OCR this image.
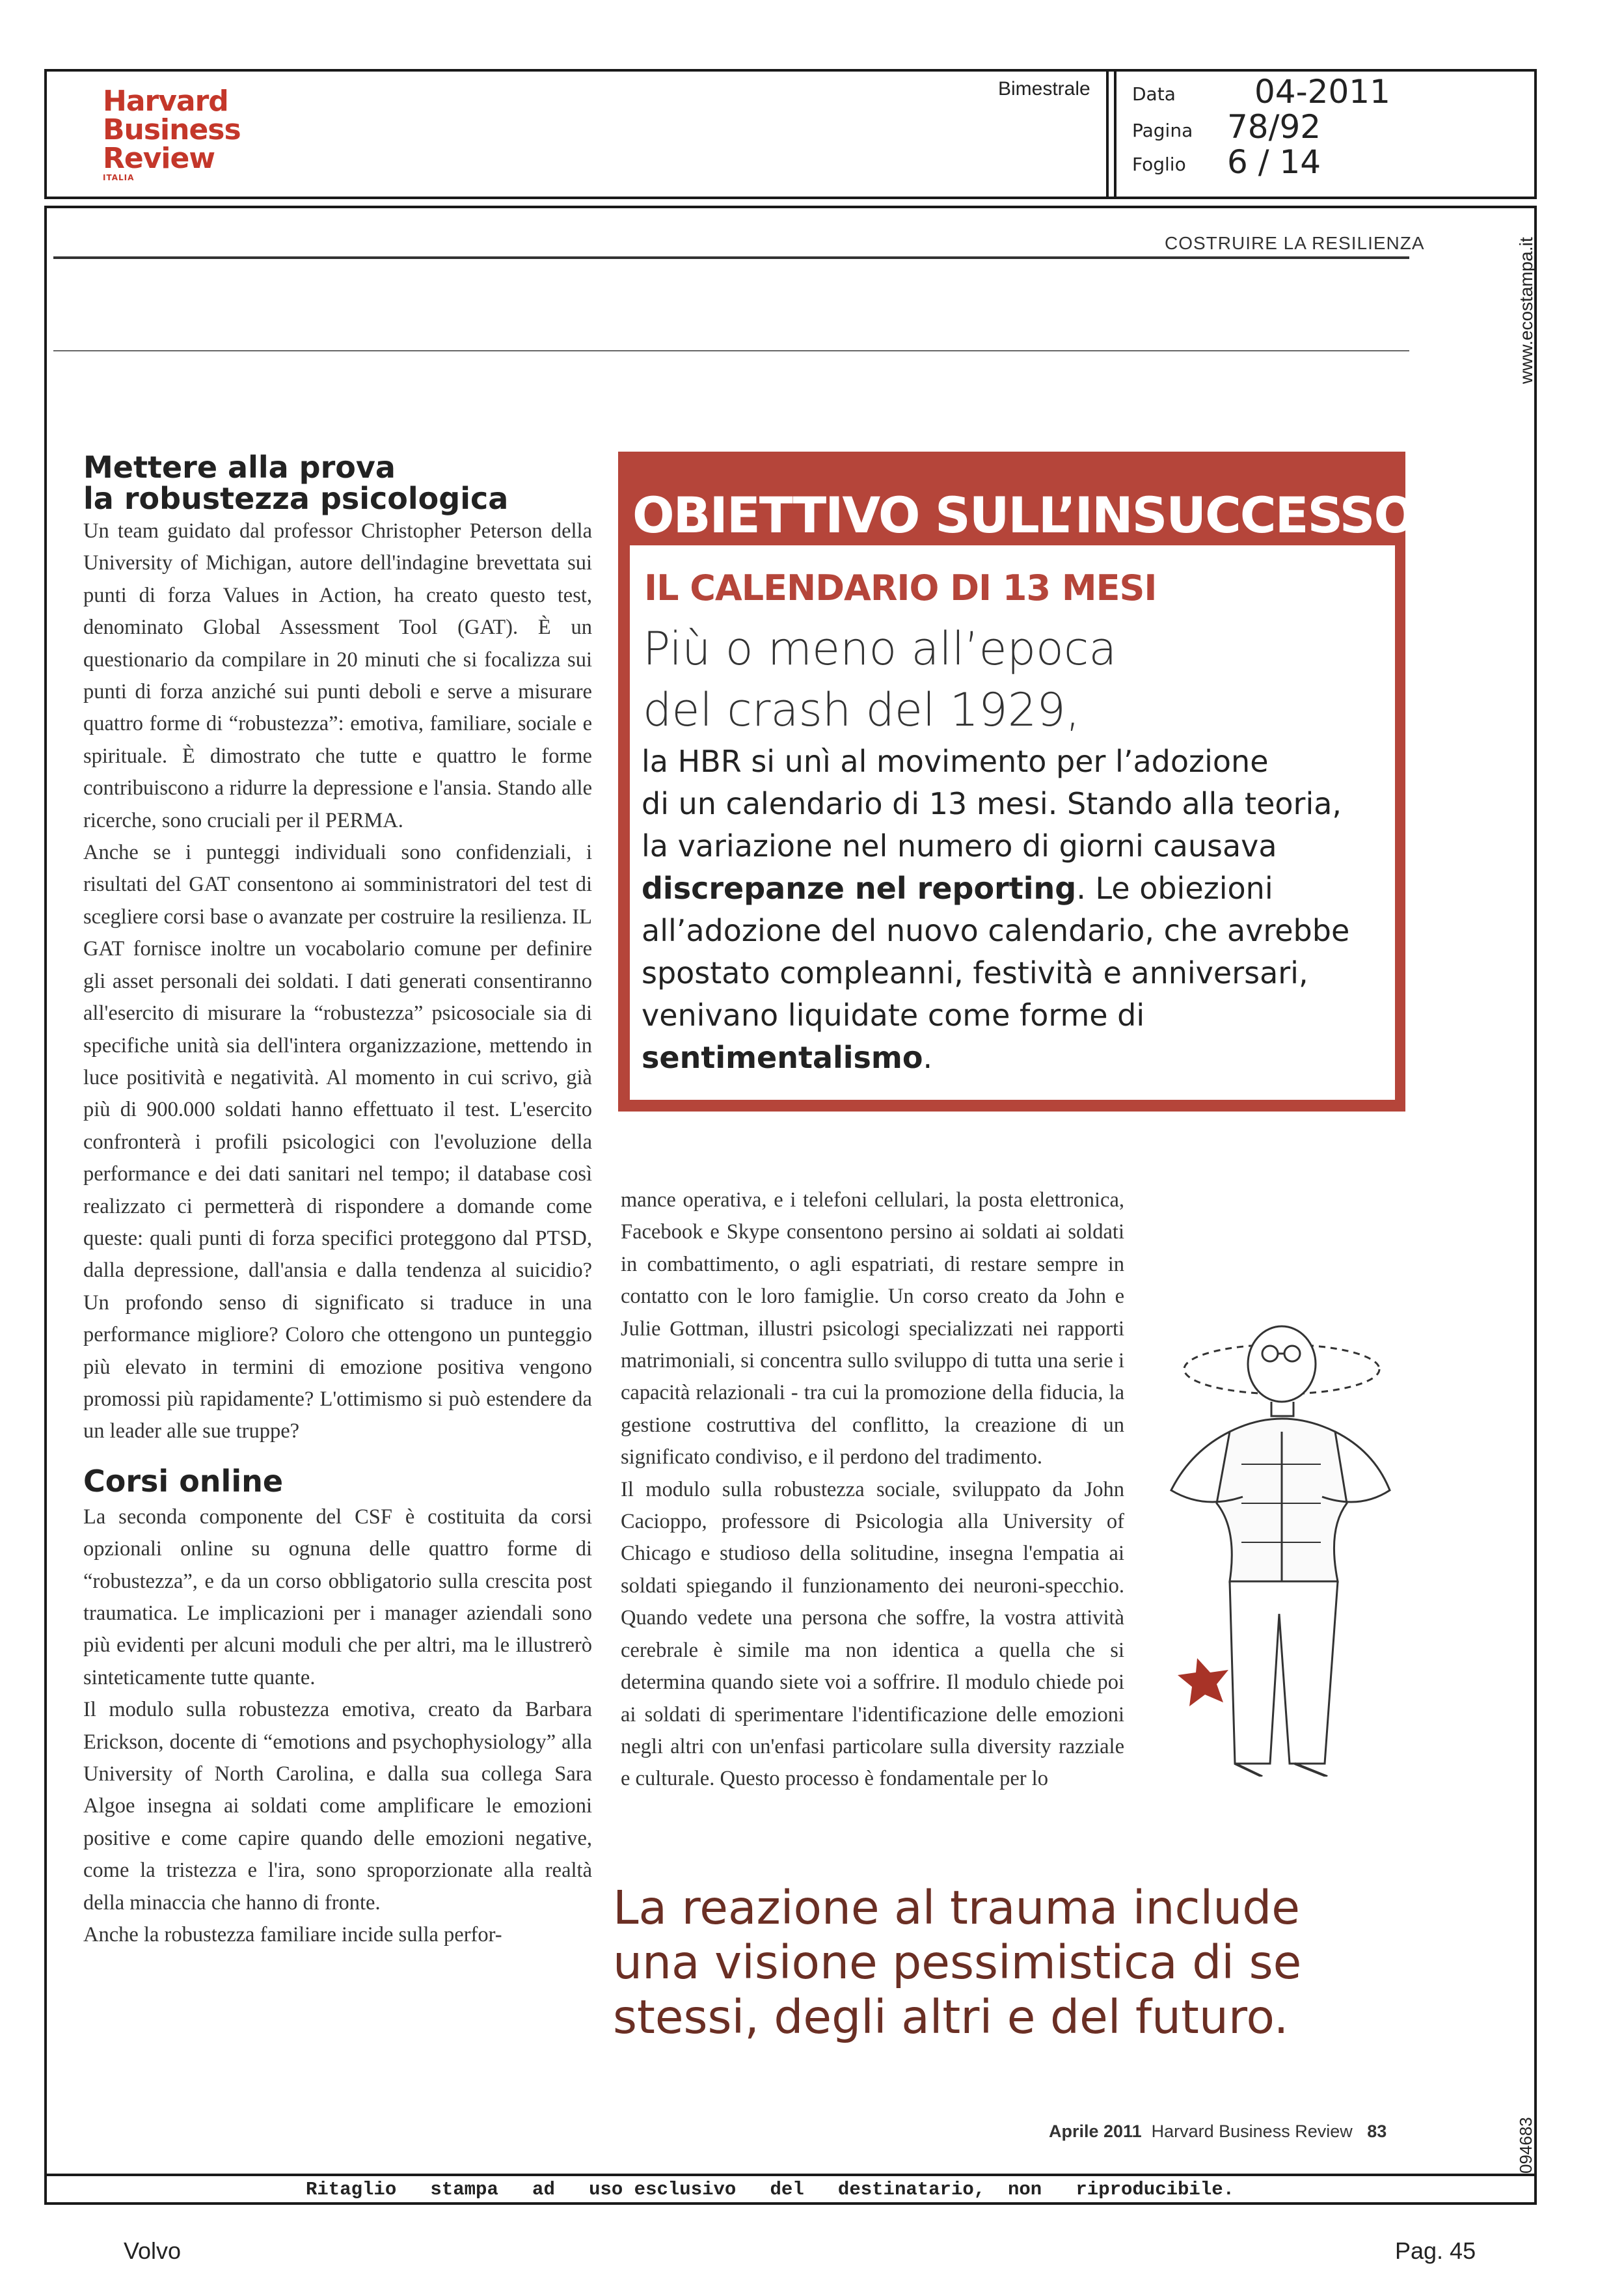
Harvard
Business
Review
ITALIA
Bimestrale Data 04-2011
Pagina 78/92
Foglio 6 / 14
www.ecostampa.it
094683
COSTRUIRE LA RESILIENZA
Mettere alla prova
la robustezza psicologica

Un team guidato dal professor Christopher Peterson della University of Michigan, autore dell'indagine brevettata sui punti di forza Values in Action, ha creato questo test, denominato Global Assessment Tool (GAT). È un questionario da compilare in 20 minuti che si focalizza sui punti di forza anziché sui punti deboli e serve a misurare quattro forme di “robustezza”: emotiva, familiare, sociale e spirituale. È dimostrato che tutte e quattro le forme contribuiscono a ridurre la depressione e l'ansia. Stando alle ricerche, sono cruciali per il PERMA.

Anche se i punteggi individuali sono confidenziali, i risultati del GAT consentono ai somministratori del test di scegliere corsi base o avanzate per costruire la resilienza. IL GAT fornisce inoltre un vocabolario comune per definire gli asset personali dei soldati. I dati generati consentiranno all'esercito di misurare la “robustezza” psicosociale sia di specifiche unità sia dell'intera organizzazione, mettendo in luce positività e negatività. Al momento in cui scrivo, già più di 900.000 soldati hanno effettuato il test. L'esercito confronterà i profili psicologici con l'evoluzione della performance e dei dati sanitari nel tempo; il database così realizzato ci permetterà di rispondere a domande come queste: quali punti di forza specifici proteggono dal PTSD, dalla depressione, dall'ansia e dalla tendenza al suicidio? Un profondo senso di significato si traduce in una performance migliore? Coloro che ottengono un punteggio più elevato in termini di emozione positiva vengono promossi più rapidamente? L'ottimismo si può estendere da un leader alle sue truppe?

Corsi online

La seconda componente del CSF è costituita da corsi opzionali online su ognuna delle quattro forme di “robustezza”, e da un corso obbligatorio sulla crescita post traumatica. Le implicazioni per i manager aziendali sono più evidenti per alcuni moduli che per altri, ma le illustrerò sinteticamente tutte quante.

Il modulo sulla robustezza emotiva, creato da Barbara Erickson, docente di “emotions and psychophysiology” alla University of North Carolina, e dalla sua collega Sara Algoe insegna ai soldati come amplificare le emozioni positive e come capire quando delle emozioni negative, come la tristezza e l'ira, sono sproporzionate alla realtà della minaccia che hanno di fronte.

Anche la robustezza familiare incide sulla perfor-

OBIETTIVO SULL’INSUCCESSO
IL CALENDARIO DI 13 MESI
Più o meno all’epoca
del crash del 1929,
la HBR si unì al movimento per l’adozione
di un calendario di 13 mesi. Stando alla teoria,
la variazione nel numero di giorni causava
discrepanze nel reporting. Le obiezioni
all’adozione del nuovo calendario, che avrebbe
spostato compleanni, festività e anniversari,
venivano liquidate come forme di
sentimentalismo.

mance operativa, e i telefoni cellulari, la posta elettronica, Facebook e Skype consentono persino ai soldati ai soldati in combattimento, o agli espatriati, di restare sempre in contatto con le loro famiglie. Un corso creato da John e Julie Gottman, illustri psicologi specializzati nei rapporti matrimoniali, si concentra sullo sviluppo di tutta una serie i capacità relazionali - tra cui la promozione della fiducia, la gestione costruttiva del conflitto, la creazione di un significato condiviso, e il perdono del tradimento.

Il modulo sulla robustezza sociale, sviluppato da John Cacioppo, professore di Psicologia alla University of Chicago e studioso della solitudine, insegna l'empatia ai soldati spiegando il funzionamento dei neuroni-specchio. Quando vedete una persona che soffre, la vostra attività cerebrale è simile ma non identica a quella che si determina quando siete voi a soffrire. Il modulo chiede poi ai soldati di sperimentare l'identificazione delle emozioni negli altri con un'enfasi particolare sulla diversity razziale e culturale. Questo processo è fondamentale per lo

La reazione al trauma include
una visione pessimistica di se
stessi, degli altri e del futuro.
Aprile 2011 Harvard Business Review 83
Ritaglio   stampa   ad   uso esclusivo   del   destinatario,  non   riproducibile.
Volvo	Pag. 45
